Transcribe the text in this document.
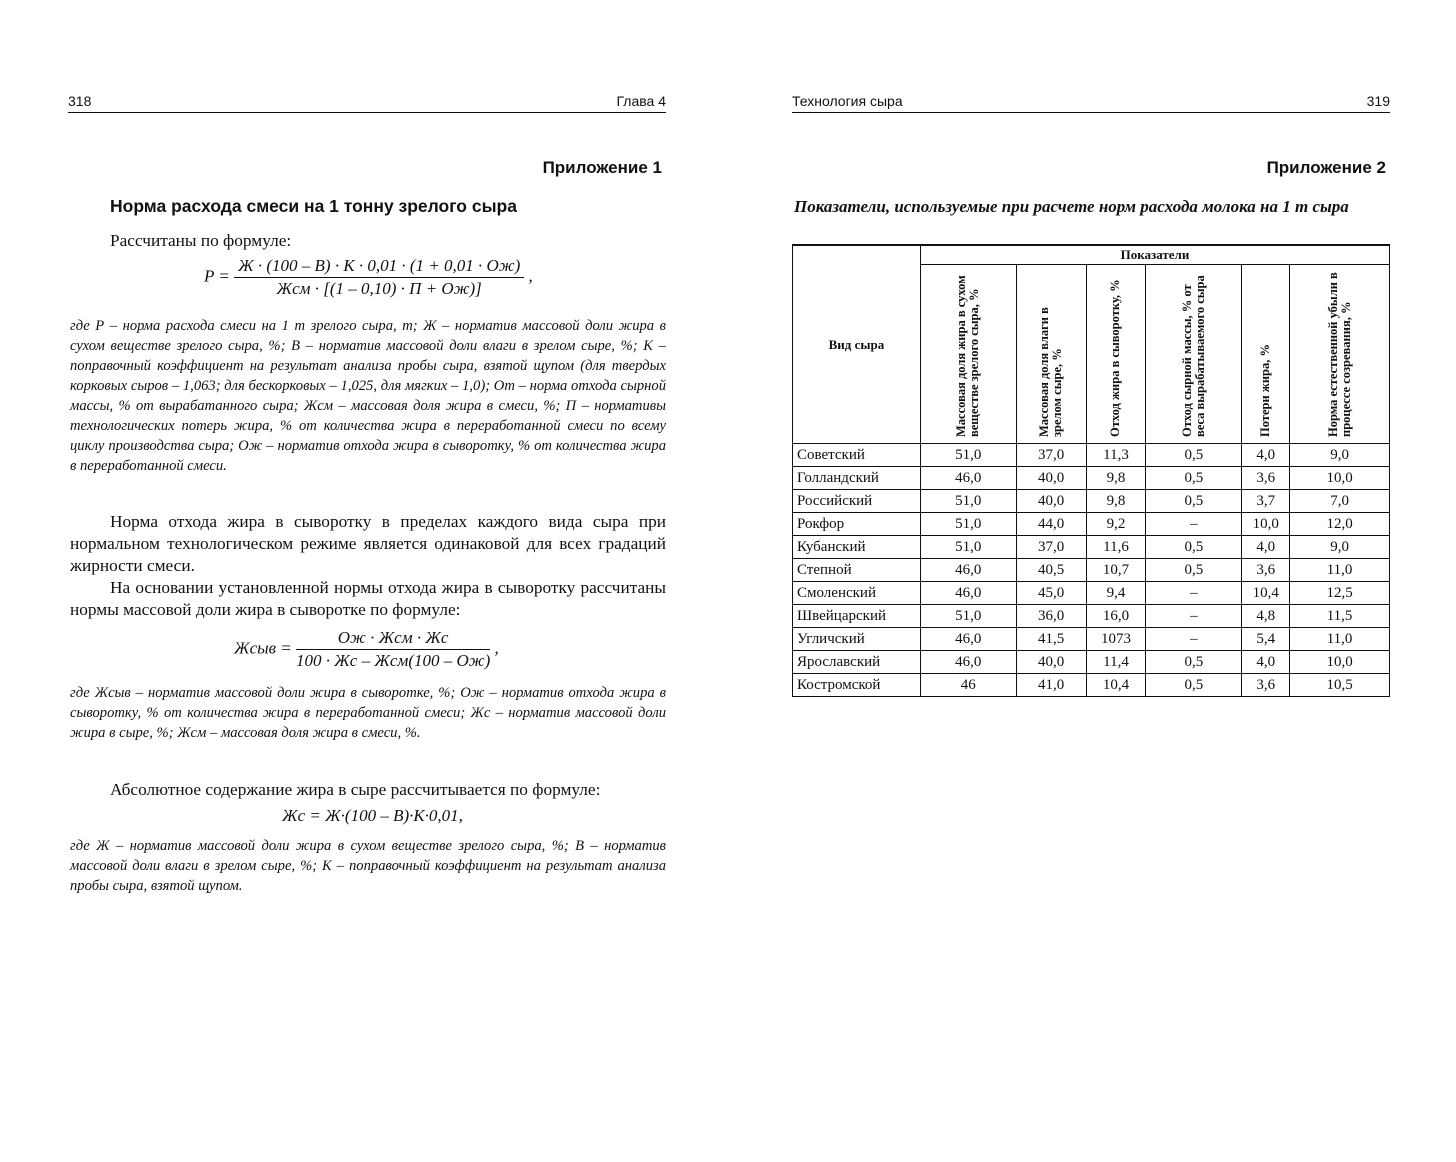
318	Глава 4
Приложение 1
Норма расхода смеси на 1 тонну зрелого сыра
Рассчитаны по формуле:
$P = \frac{Ж \cdot (100 - В) \cdot К \cdot 0,01 \cdot (1 + 0,01 \cdot Oж)}{\text{Жсм · [(1 – 0,10) · П + Oж)]}}$ ,
где Р – норма расхода смеси на 1 т зрелого сыра, т; Ж – норматив массовой доли жира в сухом веществе зрелого сыра, %; В – норматив массовой доли влаги в зрелом сыре, %; К – поправочный коэффициент на результат анализа пробы сыра, взятой щупом (для твердых корковых сыров – 1,063; для бескорковых – 1,025, для мягких – 1,0); Oт – норма отхода сырной массы, % от вырабатанного сыра; Жсм – массовая доля жира в смеси, %; П – нормативы технологических потерь жира, % от количества жира в переработанной смеси по всему циклу производства сыра; Oж – норматив отхода жира в сыворотку, % от количества жира в переработанной смеси.
Норма отхода жира в сыворотку в пределах каждого вида сыра при нормальном технологическом режиме является одинаковой для всех градаций жирности смеси.
На основании установленной нормы отхода жира в сыворотку рассчитаны нормы массовой доли жира в сыворотке по формуле:
Жсыв = $\frac{\text{Oж · Жсм · Жс}}{\text{100 · Жс – Жсм(100 – Oж)}}$ ,
где Жсыв – норматив массовой доли жира в сыворотке, %; Oж – норматив отхода жира в сыворотку, % от количества жира в переработанной смеси; Жс – норматив массовой доли жира в сыре, %; Жсм – массовая доля жира в смеси, %.
Абсолютное содержание жира в сыре рассчитывается по формуле:
Жс = Ж·(100 – В)·К·0,01,
где Ж – норматив массовой доли жира в сухом веществе зрелого сыра, %; В – норматив массовой доли влаги в зрелом сыре, %; К – поправочный коэффициент на результат анализа пробы сыра, взятой щупом.
Технология сыра	319
Приложение 2
Показатели, используемые при расчете норм расхода молока на 1 т сыра
Вид сыра	Показатели					
	Массовая доля жира в сухом веществе зрелого сыра, %	Массовая доля влаги в зрелом сыре, %	Отход жира в сыворотку, %	Отход сырной массы, % от веса вырабатываемого сыра	Потери жира, %	Норма естественной убыли в процессе созревания, %
Советский	51,0	37,0	11,3	0,5	4,0	9,0
Голландский	46,0	40,0	9,8	0,5	3,6	10,0
Российский	51,0	40,0	9,8	0,5	3,7	7,0
Рокфор	51,0	44,0	9,2	–	10,0	12,0
Кубанский	51,0	37,0	11,6	0,5	4,0	9,0
Степной	46,0	40,5	10,7	0,5	3,6	11,0
Смоленский	46,0	45,0	9,4	–	10,4	12,5
Швейцарский	51,0	36,0	16,0	–	4,8	11,5
Угличский	46,0	41,5	1073	–	5,4	11,0
Ярославский	46,0	40,0	11,4	0,5	4,0	10,0
Костромской	46	41,0	10,4	0,5	3,6	10,5
